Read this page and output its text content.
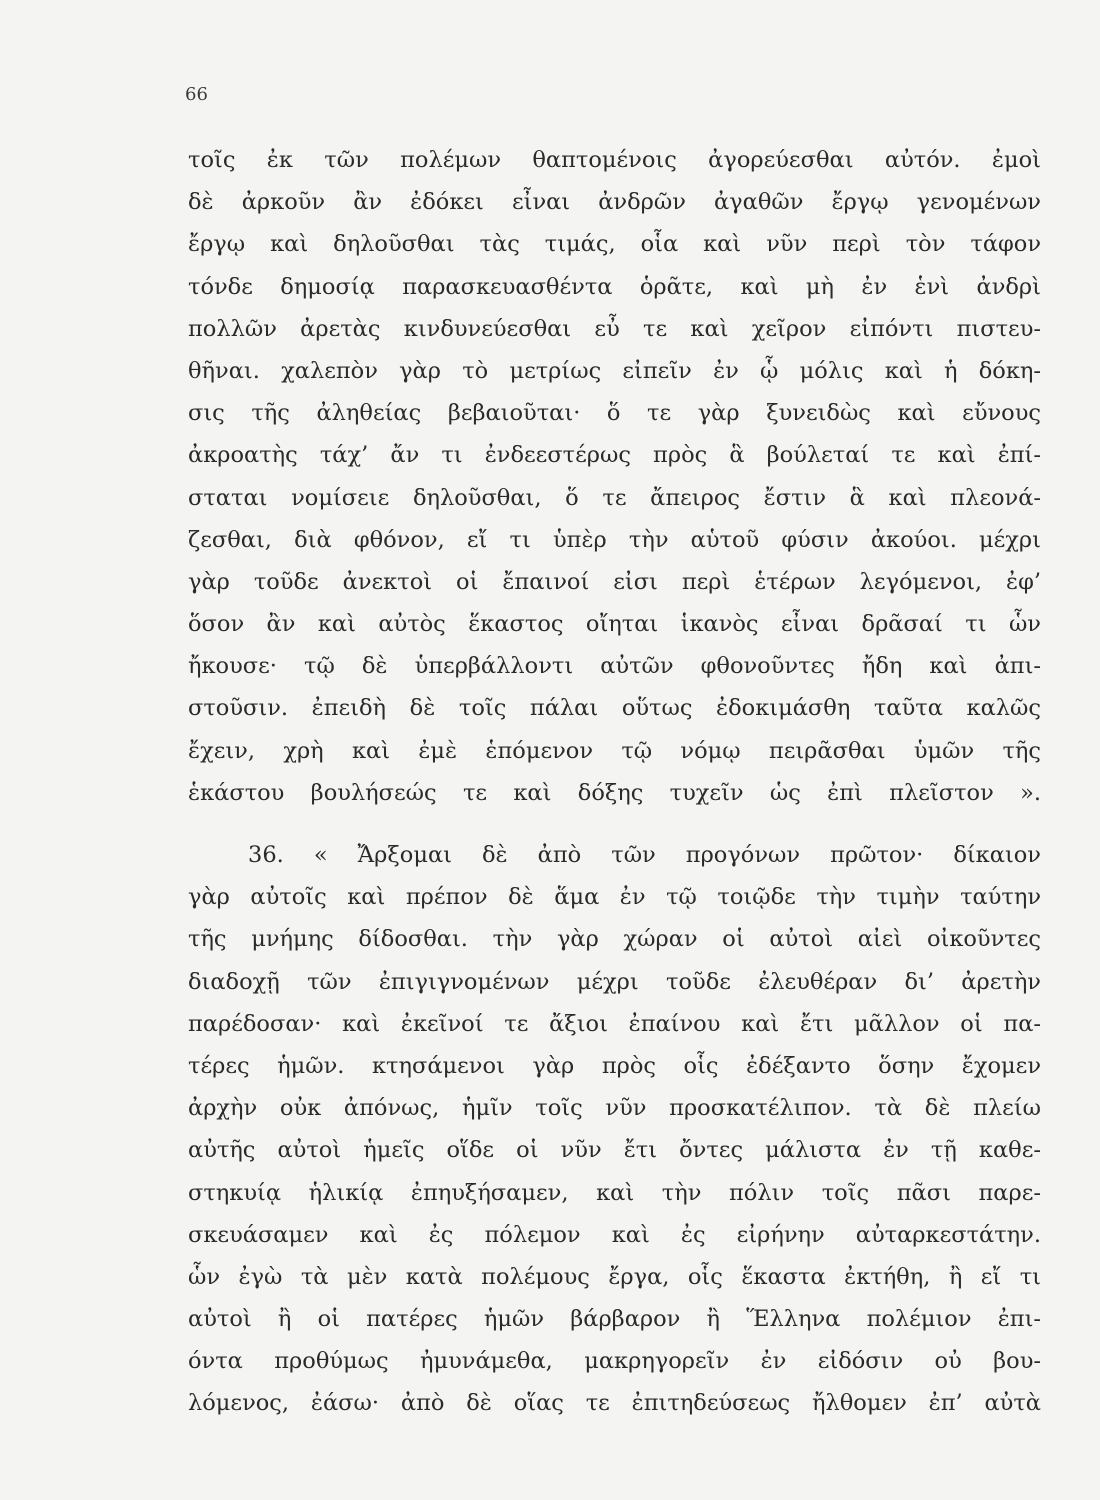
66
τοῖς ἐκ τῶν πολέμων θαπτομένοις ἀγορεύεσθαι αὐτόν. ἐμοὶ
δὲ ἀρκοῦν ἂν ἐδόκει εἶναι ἀνδρῶν ἀγαθῶν ἔργῳ γενομένων
ἔργῳ καὶ δηλοῦσθαι τὰς τιμάς, οἷα καὶ νῦν περὶ τὸν τάφον
τόνδε δημοσίᾳ παρασκευασθέντα ὁρᾶτε, καὶ μὴ ἐν ἑνὶ ἀνδρὶ
πολλῶν ἀρετὰς κινδυνεύεσθαι εὖ τε καὶ χεῖρον εἰπόντι πιστευ-
θῆναι. χαλεπὸν γὰρ τὸ μετρίως εἰπεῖν ἐν ᾧ μόλις καὶ ἡ δόκη-
σις τῆς ἀληθείας βεβαιοῦται· ὅ τε γὰρ ξυνειδὼς καὶ εὔνους
ἀκροατὴς τάχ’ ἄν τι ἐνδεεστέρως πρὸς ἃ βούλεταί τε καὶ ἐπί-
σταται νομίσειε δηλοῦσθαι, ὅ τε ἄπειρος ἔστιν ἃ καὶ πλεονά-
ζεσθαι, διὰ φθόνον, εἴ τι ὑπὲρ τὴν αὑτοῦ φύσιν ἀκούοι. μέχρι
γὰρ τοῦδε ἀνεκτοὶ οἱ ἔπαινοί εἰσι περὶ ἑτέρων λεγόμενοι, ἐφ’
ὅσον ἂν καὶ αὐτὸς ἕκαστος οἴηται ἱκανὸς εἶναι δρᾶσαί τι ὧν
ἤκουσε· τῷ δὲ ὑπερβάλλοντι αὐτῶν φθονοῦντες ἤδη καὶ ἀπι-
στοῦσιν. ἐπειδὴ δὲ τοῖς πάλαι οὕτως ἐδοκιμάσθη ταῦτα καλῶς
ἔχειν, χρὴ καὶ ἐμὲ ἑπόμενον τῷ νόμῳ πειρᾶσθαι ὑμῶν τῆς
ἑκάστου βουλήσεώς τε καὶ δόξης τυχεῖν ὡς ἐπὶ πλεῖστον ».
36. « Ἄρξομαι δὲ ἀπὸ τῶν προγόνων πρῶτον· δίκαιον
γὰρ αὐτοῖς καὶ πρέπον δὲ ἅμα ἐν τῷ τοιῷδε τὴν τιμὴν ταύτην
τῆς μνήμης δίδοσθαι. τὴν γὰρ χώραν οἱ αὐτοὶ αἰεὶ οἰκοῦντες
διαδοχῇ τῶν ἐπιγιγνομένων μέχρι τοῦδε ἐλευθέραν δι’ ἀρετὴν
παρέδοσαν· καὶ ἐκεῖνοί τε ἄξιοι ἐπαίνου καὶ ἔτι μᾶλλον οἱ πα-
τέρες ἡμῶν. κτησάμενοι γὰρ πρὸς οἷς ἐδέξαντο ὅσην ἔχομεν
ἀρχὴν οὐκ ἀπόνως, ἡμῖν τοῖς νῦν προσκατέλιπον. τὰ δὲ πλείω
αὐτῆς αὐτοὶ ἡμεῖς οἵδε οἱ νῦν ἔτι ὄντες μάλιστα ἐν τῇ καθε-
στηκυίᾳ ἡλικίᾳ ἐπηυξήσαμεν, καὶ τὴν πόλιν τοῖς πᾶσι παρε-
σκευάσαμεν καὶ ἐς πόλεμον καὶ ἐς εἰρήνην αὐταρκεστάτην.
ὧν ἐγὼ τὰ μὲν κατὰ πολέμους ἔργα, οἷς ἕκαστα ἐκτήθη, ἢ εἴ τι
αὐτοὶ ἢ οἱ πατέρες ἡμῶν βάρβαρον ἢ Ἕλληνα πολέμιον ἐπι-
όντα προθύμως ἠμυνάμεθα, μακρηγορεῖν ἐν εἰδόσιν οὐ βου-
λόμενος, ἐάσω· ἀπὸ δὲ οἵας τε ἐπιτηδεύσεως ἤλθομεν ἐπ’ αὐτὰ
